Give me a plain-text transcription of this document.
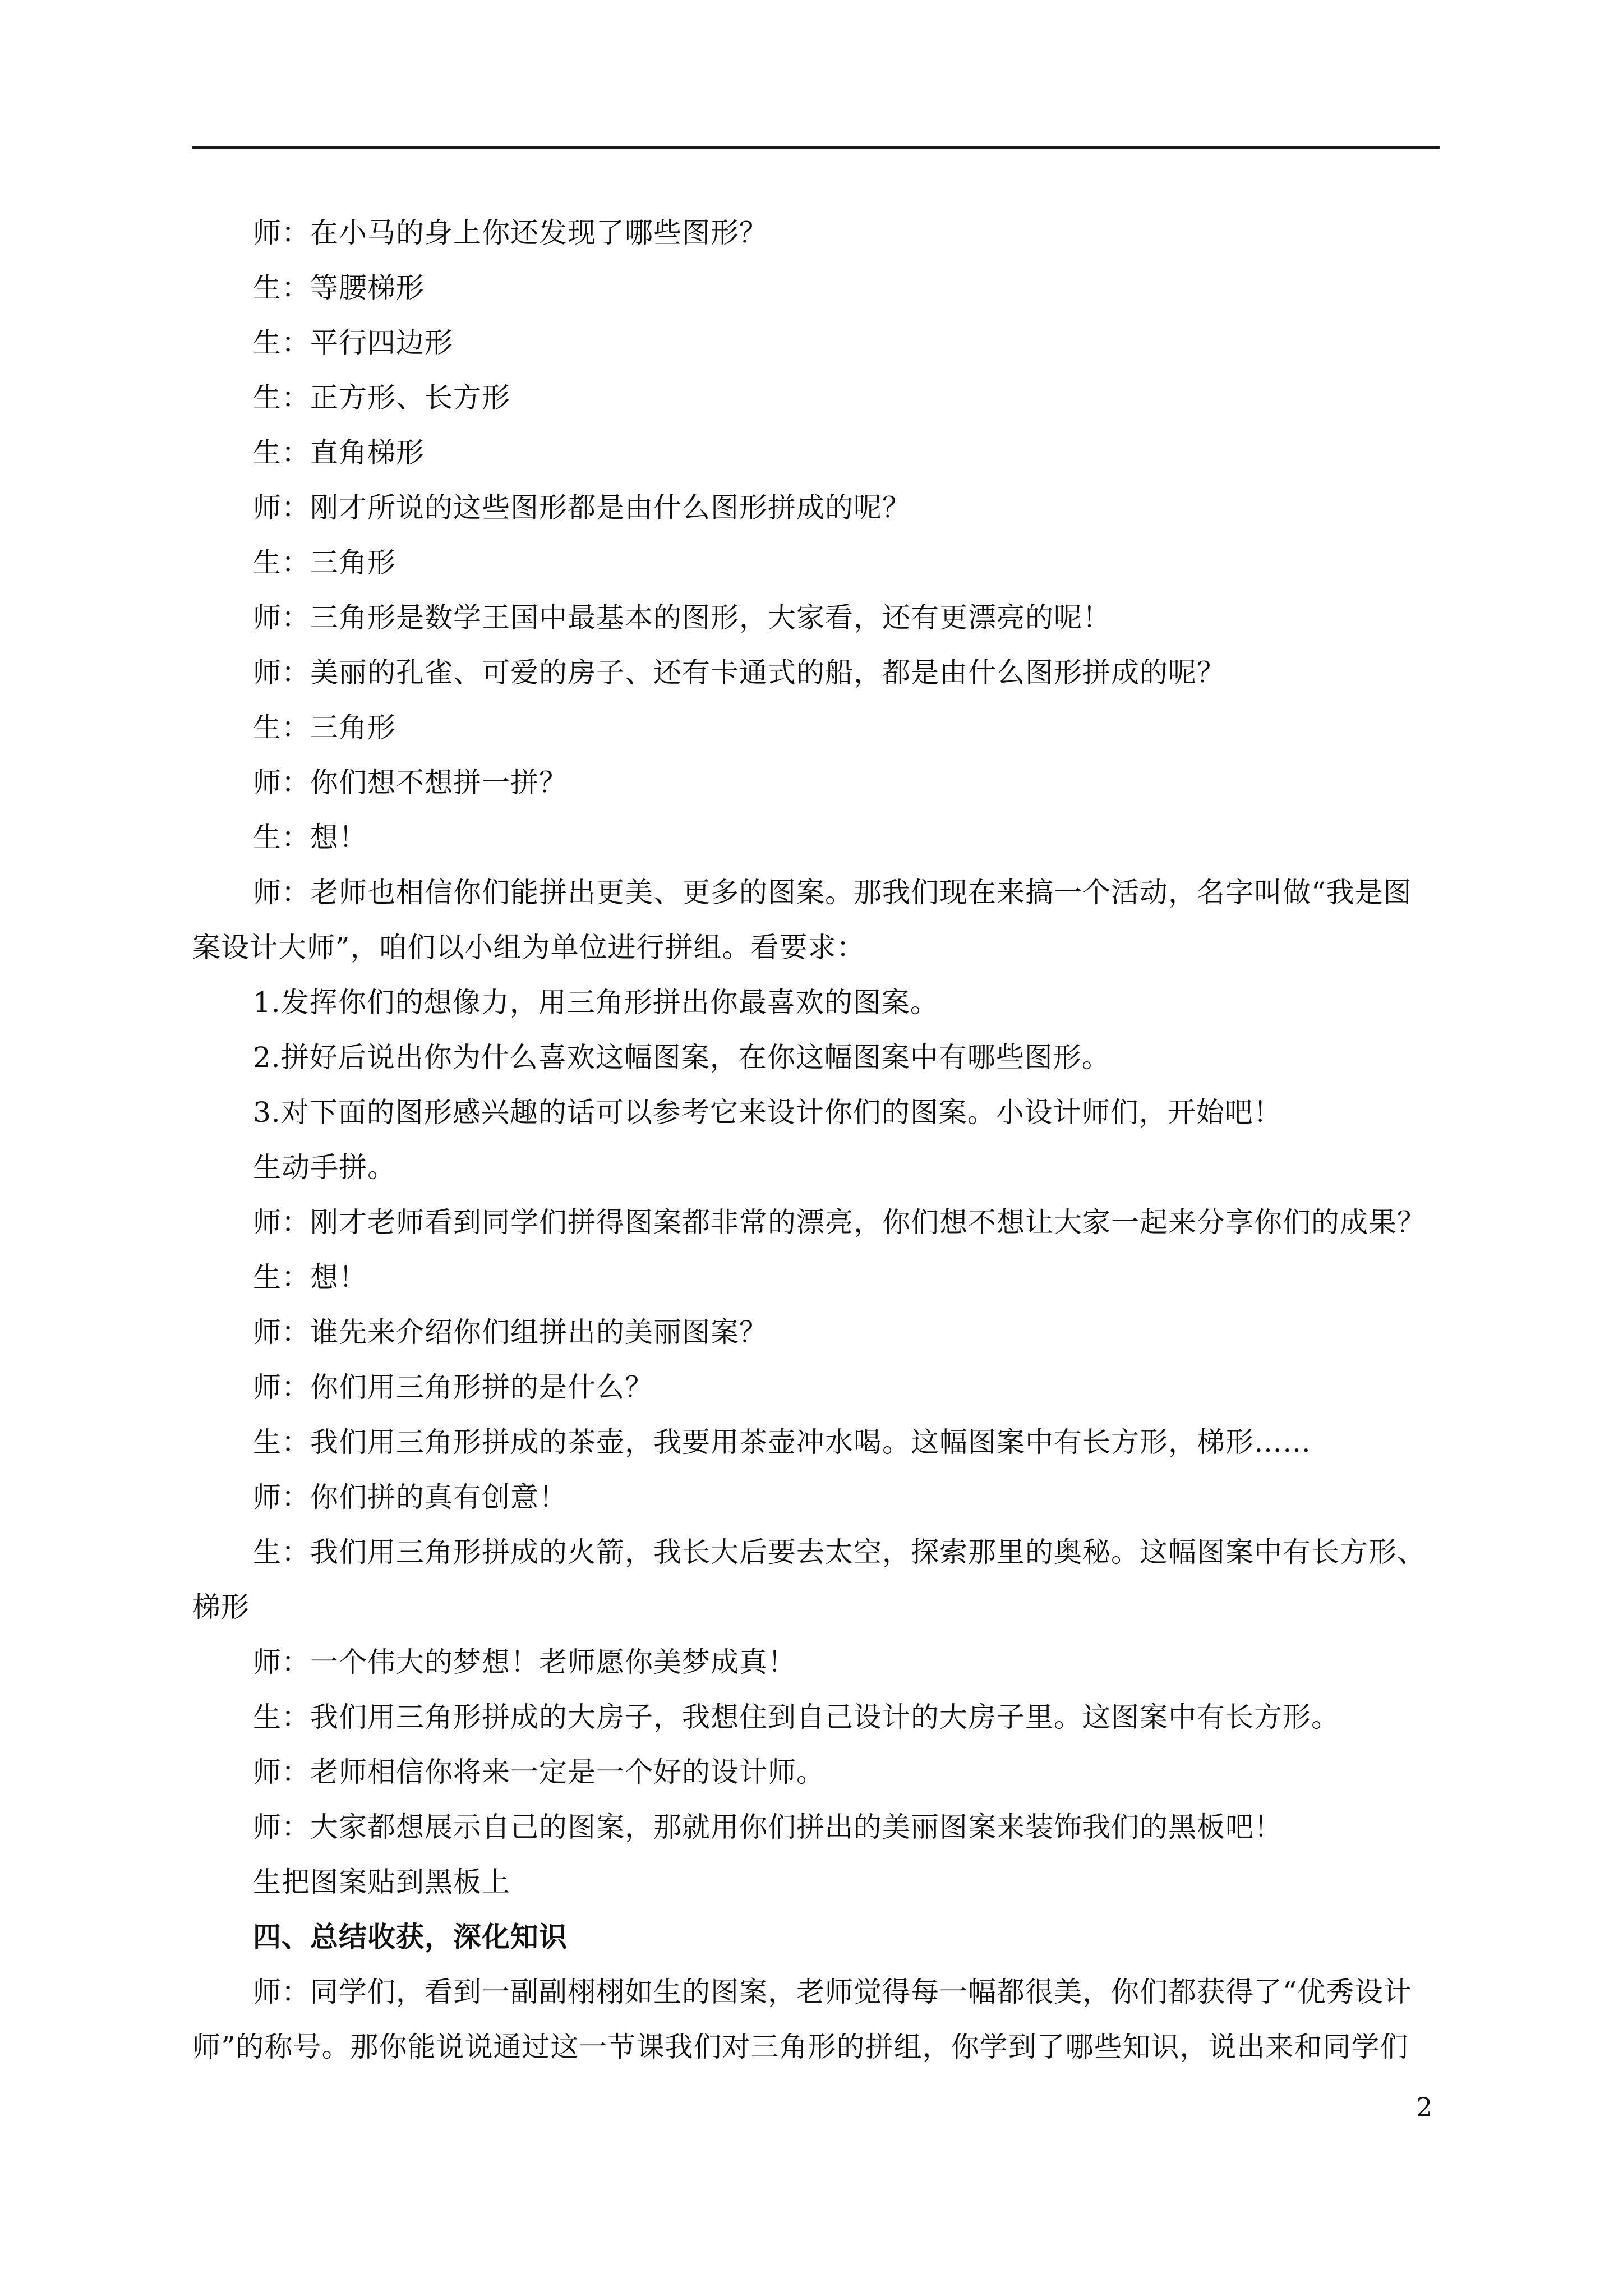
师：在小马的身上你还发现了哪些图形？

生：等腰梯形

生：平行四边形

生：正方形、长方形

生：直角梯形

师：刚才所说的这些图形都是由什么图形拼成的呢？

生：三角形

师：三角形是数学王国中最基本的图形，大家看，还有更漂亮的呢！

师：美丽的孔雀、可爱的房子、还有卡通式的船，都是由什么图形拼成的呢？

生：三角形

师：你们想不想拼一拼？

生：想！

师：老师也相信你们能拼出更美、更多的图案。那我们现在来搞一个活动，名字叫做“我是图案设计大师”，咱们以小组为单位进行拼组。看要求：

1.发挥你们的想像力，用三角形拼出你最喜欢的图案。

2.拼好后说出你为什么喜欢这幅图案，在你这幅图案中有哪些图形。

3.对下面的图形感兴趣的话可以参考它来设计你们的图案。小设计师们，开始吧！

生动手拼。

师：刚才老师看到同学们拼得图案都非常的漂亮，你们想不想让大家一起来分享你们的成果？

生：想！

师：谁先来介绍你们组拼出的美丽图案？

师：你们用三角形拼的是什么？

生：我们用三角形拼成的茶壶，我要用茶壶冲水喝。这幅图案中有长方形，梯形……

师：你们拼的真有创意！

生：我们用三角形拼成的火箭，我长大后要去太空，探索那里的奥秘。这幅图案中有长方形、梯形

师：一个伟大的梦想！老师愿你美梦成真！

生：我们用三角形拼成的大房子，我想住到自己设计的大房子里。这图案中有长方形。

师：老师相信你将来一定是一个好的设计师。

师：大家都想展示自己的图案，那就用你们拼出的美丽图案来装饰我们的黑板吧！

生把图案贴到黑板上

四、总结收获，深化知识

师：同学们，看到一副副栩栩如生的图案，老师觉得每一幅都很美，你们都获得了“优秀设计师”的称号。那你能说说通过这一节课我们对三角形的拼组，你学到了哪些知识，说出来和同学们

2
